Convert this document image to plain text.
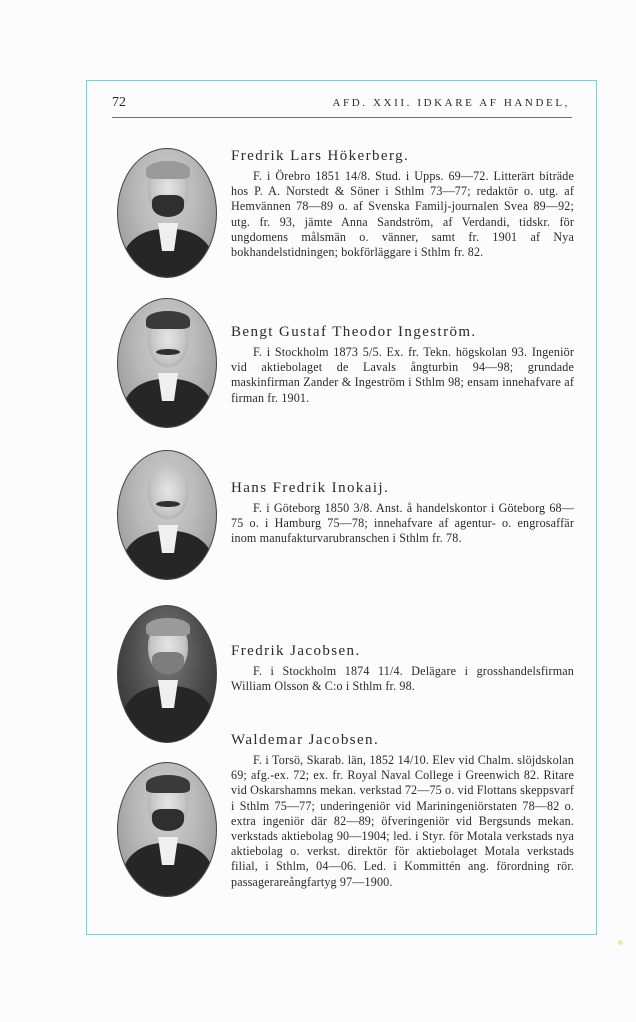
72	AFD. XXII. IDKARE AF HANDEL,

Fredrik Lars Hökerberg.

F. i Örebro 1851 14/8. Stud. i Upps. 69—72. Litterärt biträde hos P. A. Norstedt & Söner i Sthlm 73—77; redaktör o. utg. af Hemvännen 78—89 o. af Svenska Familj-journalen Svea 89—92; utg. fr. 93, jämte Anna Sandström, af Verdandi, tidskr. för ungdomens målsmän o. vänner, samt fr. 1901 af Nya bokhandelstidningen; bokförläggare i Sthlm fr. 82.

Bengt Gustaf Theodor Ingeström.

F. i Stockholm 1873 5/5. Ex. fr. Tekn. högskolan 93. Ingeniör vid aktiebolaget de Lavals ångturbin 94—98; grundade maskinfirman Zander & Ingeström i Sthlm 98; ensam innehafvare af firman fr. 1901.

Hans Fredrik Inokaij.

F. i Göteborg 1850 3/8. Anst. å handelskontor i Göteborg 68—75 o. i Hamburg 75—78; innehafvare af agentur- o. engrosaffär inom manufakturvarubranschen i Sthlm fr. 78.

Fredrik Jacobsen.

F. i Stockholm 1874 11/4. Delägare i grosshandelsfirman William Olsson & C:o i Sthlm fr. 98.

Waldemar Jacobsen.

F. i Torsö, Skarab. län, 1852 14/10. Elev vid Chalm. slöjdskolan 69; afg.-ex. 72; ex. fr. Royal Naval College i Greenwich 82. Ritare vid Oskarshamns mekan. verkstad 72—75 o. vid Flottans skeppsvarf i Sthlm 75—77; underingeniör vid Mariningeniörstaten 78—82 o. extra ingeniör där 82—89; öfveringeniör vid Bergsunds mekan. verkstads aktiebolag 90—1904; led. i Styr. för Motala verkstads nya aktiebolag o. verkst. direktör för aktiebolaget Motala verkstads filial, i Sthlm, 04—06. Led. i Kommittén ang. förordning rör. passagerareångfartyg 97—1900.
